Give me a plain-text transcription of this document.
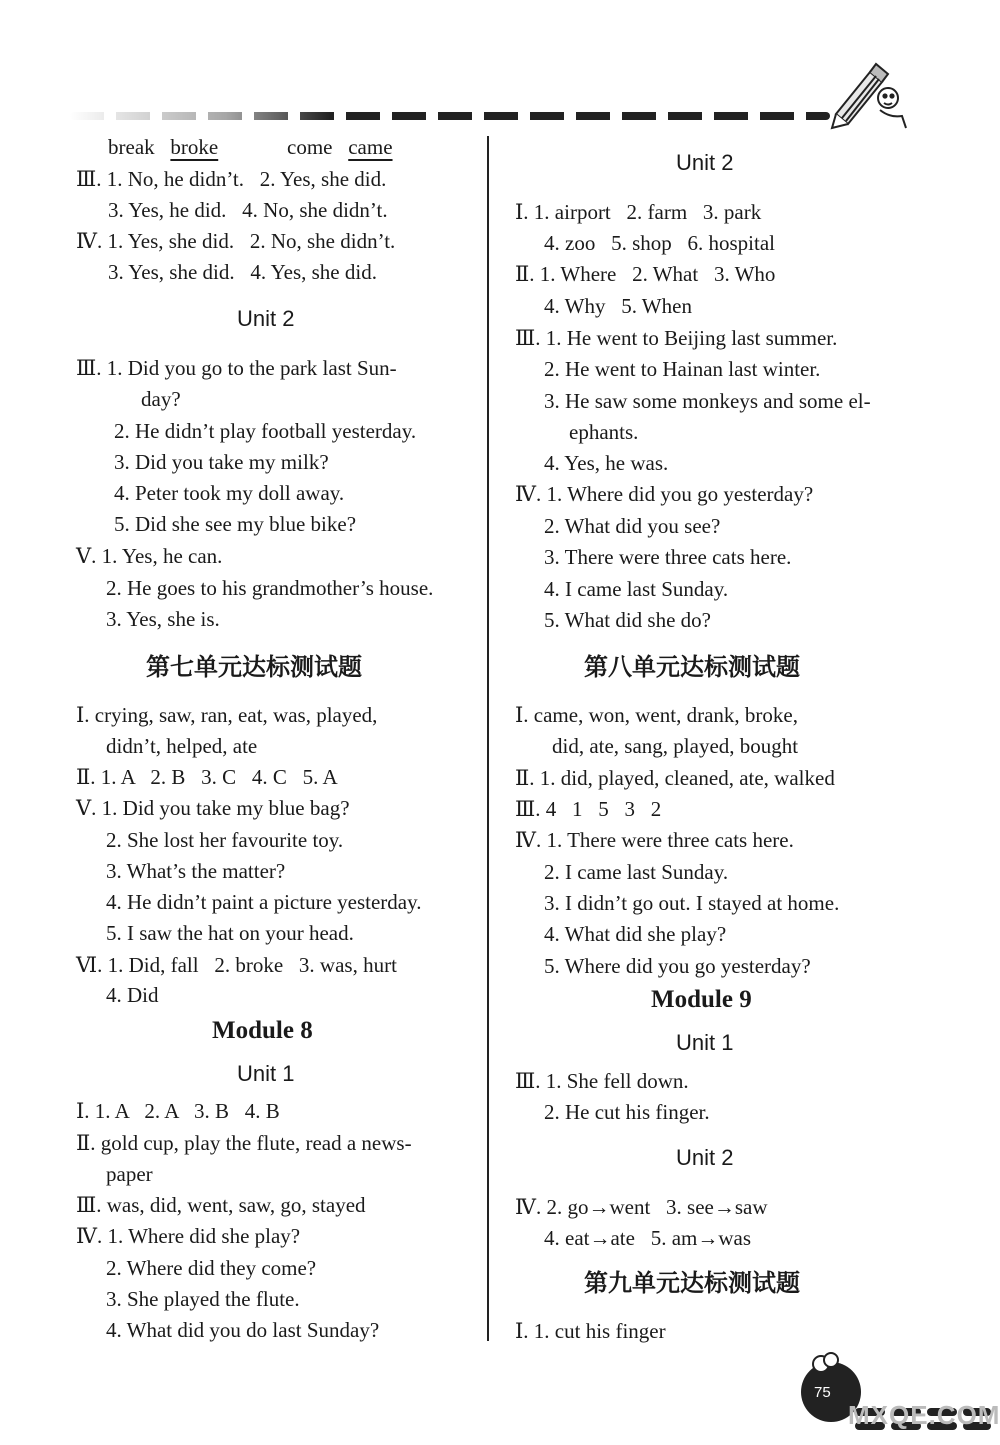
break broke	come came
Ⅲ. 1. No, he didn’t.   2. Yes, she did.
3. Yes, he did.   4. No, she didn’t.
Ⅳ. 1. Yes, she did.   2. No, she didn’t.
3. Yes, she did.   4. Yes, she did.
Unit 2
Ⅲ. 1. Did you go to the park last Sun-
day?
2. He didn’t play football yesterday.
3. Did you take my milk?
4. Peter took my doll away.
5. Did she see my blue bike?
Ⅴ. 1. Yes, he can.
2. He goes to his grandmother’s house.
3. Yes, she is.
第七单元达标测试题
Ⅰ. crying, saw, ran, eat, was, played,
didn’t, helped, ate
Ⅱ. 1. A   2. B   3. C   4. C   5. A
Ⅴ. 1. Did you take my blue bag?
2. She lost her favourite toy.
3. What’s the matter?
4. He didn’t paint a picture yesterday.
5. I saw the hat on your head.
Ⅵ. 1. Did, fall   2. broke   3. was, hurt
4. Did
Module 8
Unit 1
Ⅰ. 1. A   2. A   3. B   4. B
Ⅱ. gold cup, play the flute, read a news-
paper
Ⅲ. was, did, went, saw, go, stayed
Ⅳ. 1. Where did she play?
2. Where did they come?
3. She played the flute.
4. What did you do last Sunday?
Unit 2
Ⅰ. 1. airport   2. farm   3. park
4. zoo   5. shop   6. hospital
Ⅱ. 1. Where   2. What   3. Who
4. Why   5. When
Ⅲ. 1. He went to Beijing last summer.
2. He went to Hainan last winter.
3. He saw some monkeys and some el-
ephants.
4. Yes, he was.
Ⅳ. 1. Where did you go yesterday?
2. What did you see?
3. There were three cats here.
4. I came last Sunday.
5. What did she do?
第八单元达标测试题
Ⅰ. came, won, went, drank, broke,
did, ate, sang, played, bought
Ⅱ. 1. did, played, cleaned, ate, walked
Ⅲ. 4   1   5   3   2
Ⅳ. 1. There were three cats here.
2. I came last Sunday.
3. I didn’t go out. I stayed at home.
4. What did she play?
5. Where did you go yesterday?
Module 9
Unit 1
Ⅲ. 1. She fell down.
2. He cut his finger.
Unit 2
Ⅳ. 2. go→went   3. see→saw
4. eat→ate   5. am→was
第九单元达标测试题
Ⅰ. 1. cut his finger
75
MXQE.COM
